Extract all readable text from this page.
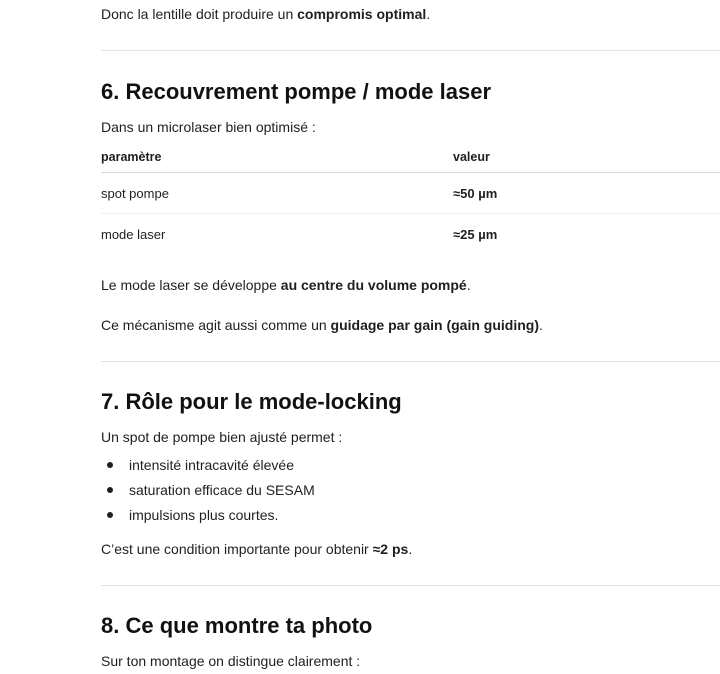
Donc la lentille doit produire un compromis optimal.

6. Recouvrement pompe / mode laser

Dans un microlaser bien optimisé :

paramètre	valeur
spot pompe	≈50 µm
mode laser	≈25 µm

Le mode laser se développe au centre du volume pompé.

Ce mécanisme agit aussi comme un guidage par gain (gain guiding).

7. Rôle pour le mode-locking

Un spot de pompe bien ajusté permet :

intensité intracavité élevée
saturation efficace du SESAM
impulsions plus courtes.

C’est une condition importante pour obtenir ≈2 ps.

8. Ce que montre ta photo

Sur ton montage on distingue clairement :
